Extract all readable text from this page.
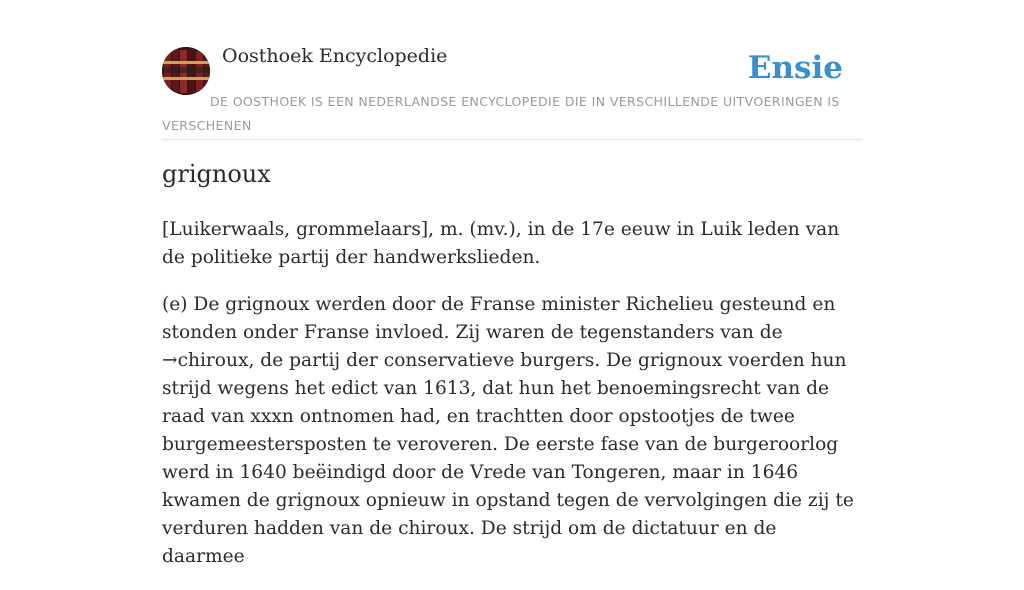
Oosthoek Encyclopedie	Ensie
DE OOSTHOEK IS EEN NEDERLANDSE ENCYCLOPEDIE DIE IN VERSCHILLENDE UITVOERINGEN IS VERSCHENEN
grignoux

[Luikerwaals, grommelaars], m. (mv.), in de 17e eeuw in Luik leden van de politieke partij der handwerkslieden.

(e) De grignoux werden door de Franse minister Richelieu gesteund en stonden onder Franse invloed. Zij waren de tegenstanders van de →chiroux, de partij der conservatieve burgers. De grignoux voerden hun strijd wegens het edict van 1613, dat hun het benoemingsrecht van de raad van xxxn ontnomen had, en trachtten door opstootjes de twee burgemeestersposten te veroveren. De eerste fase van de burgeroorlog werd in 1640 beëindigd door de Vrede van Tongeren, maar in 1646 kwamen de grignoux opnieuw in opstand tegen de vervolgingen die zij te verduren hadden van de chiroux. De strijd om de dictatuur en de daarmee
